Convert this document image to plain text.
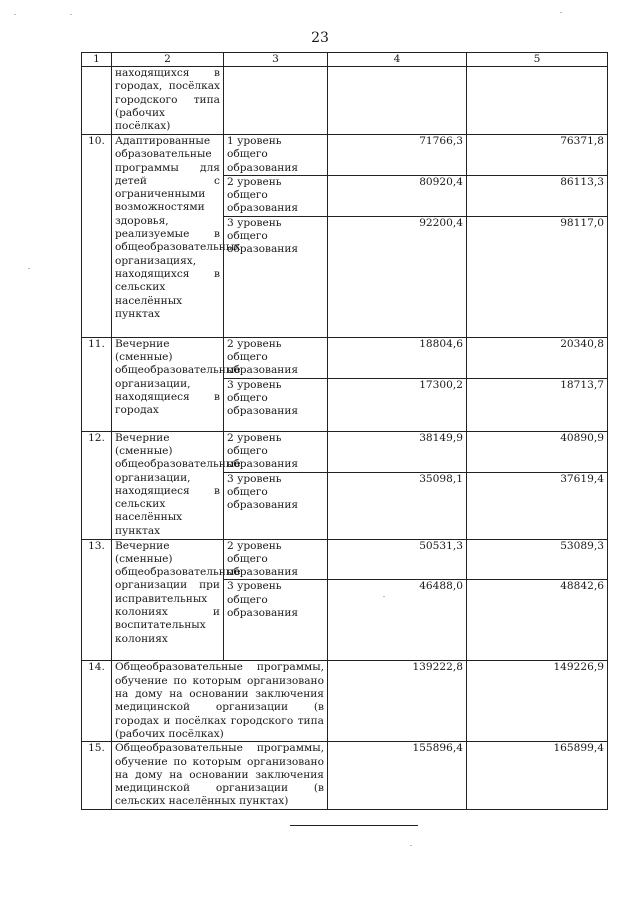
23
1	2	3	4	5
	находящихся в городах, посёлках городского типа (рабочих посёлках)			
10.	Адаптированные образовательные программы для детей с ограниченными возможностями здоровья, реализуемые в общеобразовательных организациях, находящихся в сельских населённых пунктах	1 уровень общего образования	71766,3	76371,8
		2 уровень общего образования	80920,4	86113,3
		3 уровень общего образования	92200,4	98117,0
11.	Вечерние (сменные) общеобразовательные организации, находящиеся в городах	2 уровень общего образования	18804,6	20340,8
		3 уровень общего образования	17300,2	18713,7
12.	Вечерние (сменные) общеобразовательные организации, находящиеся в сельских населённых пунктах	2 уровень общего образования	38149,9	40890,9
		3 уровень общего образования	35098,1	37619,4
13.	Вечерние (сменные) общеобразовательные организации при исправительных колониях и воспитательных колониях	2 уровень общего образования	50531,3	53089,3
		3 уровень общего образования	46488,0	48842,6
14.	Общеобразовательные программы, обучение по которым организовано на дому на основании заключения медицинской организации (в городах и посёлках городского типа (рабочих посёлках)		139222,8	149226,9
15.	Общеобразовательные программы, обучение по которым организовано на дому на основании заключения медицинской организации (в сельских населённых пунктах)		155896,4	165899,4
